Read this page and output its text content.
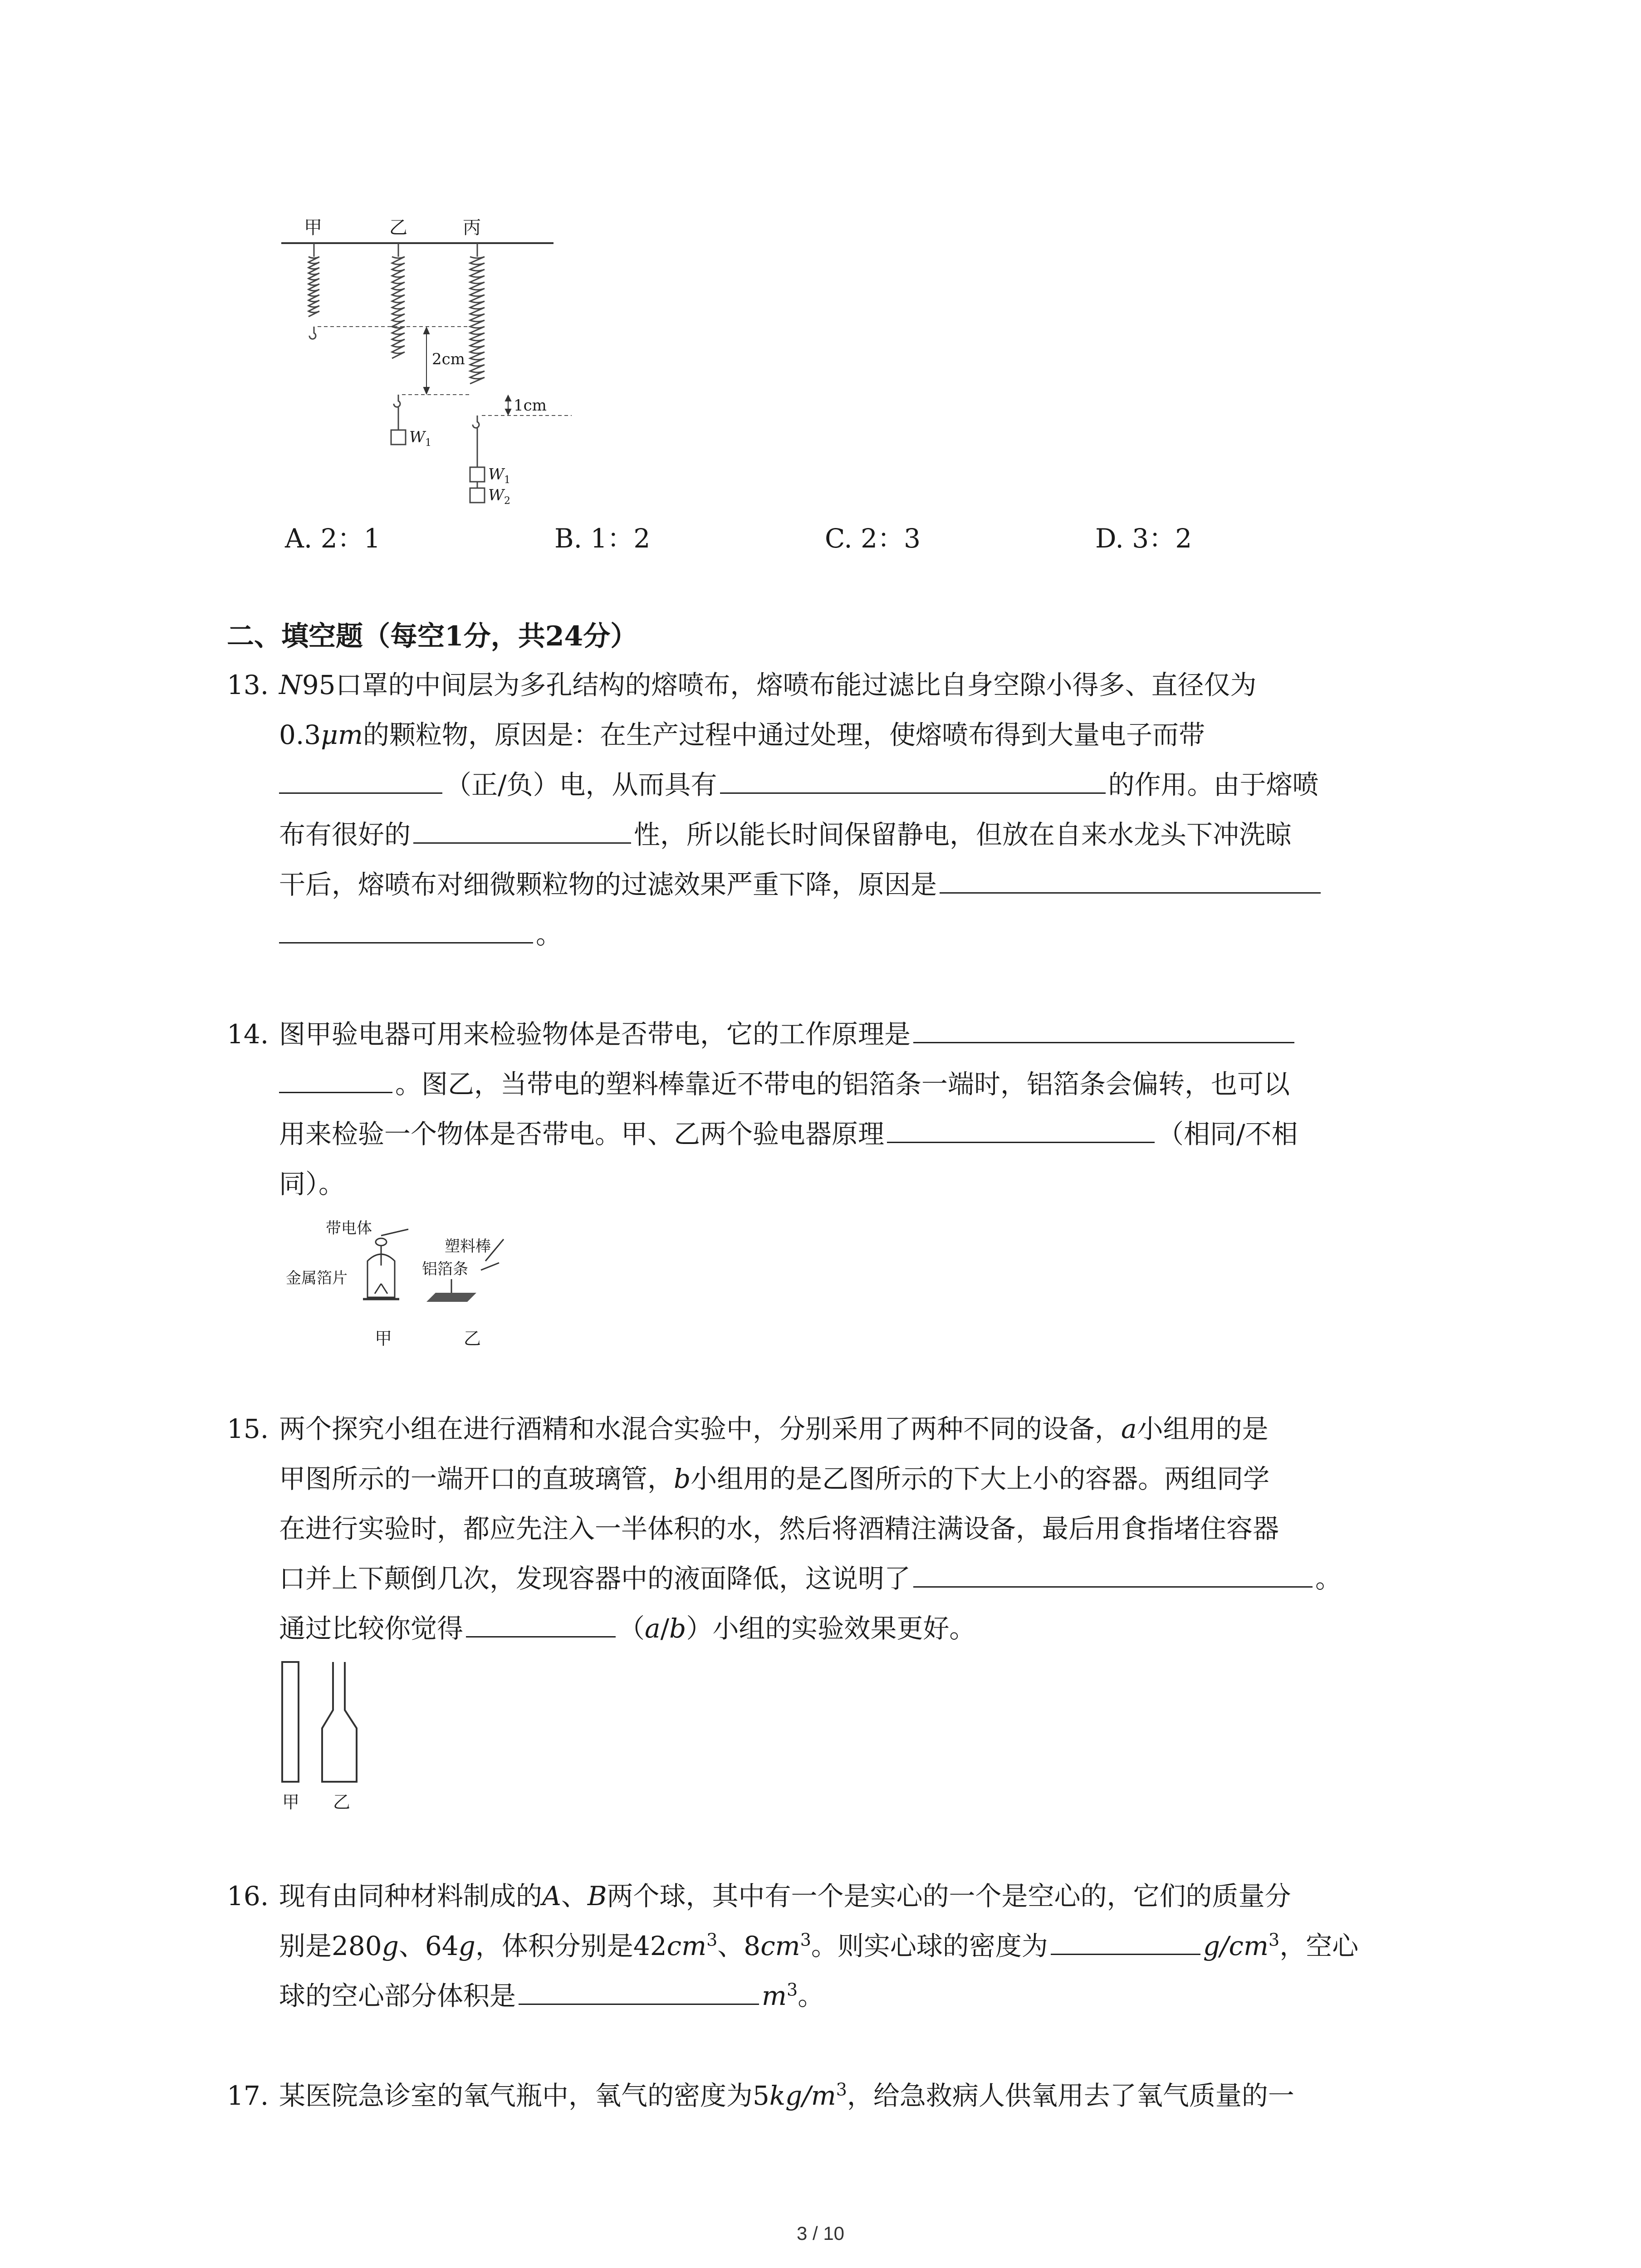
甲	乙	丙
2cm
1cm
$W_1$
$W_1$
$W_2$
A. 2：1	B. 1：2	C. 2：3	D. 3：2
二、填空题（每空1分，共24分）
13. N95口罩的中间层为多孔结构的熔喷布，熔喷布能过滤比自身空隙小得多、直径仅为
0.3μm的颗粒物，原因是：在生产过程中通过处理，使熔喷布得到大量电子而带
（正/负）电，从而具有	的作用。由于熔喷
布有很好的	性，所以能长时间保留静电，但放在自来水龙头下冲洗晾
干后，熔喷布对细微颗粒物的过滤效果严重下降，原因是
。
14. 图甲验电器可用来检验物体是否带电，它的工作原理是
。图乙，当带电的塑料棒靠近不带电的铝箔条一端时，铝箔条会偏转，也可以
用来检验一个物体是否带电。甲、乙两个验电器原理	（相同/不相
同）。
带电体
金属箔片
塑料棒
铝箔条
甲	乙
15. 两个探究小组在进行酒精和水混合实验中，分别采用了两种不同的设备，a小组用的是
甲图所示的一端开口的直玻璃管，b小组用的是乙图所示的下大上小的容器。两组同学
在进行实验时，都应先注入一半体积的水，然后将酒精注满设备，最后用食指堵住容器
口并上下颠倒几次，发现容器中的液面降低，这说明了	。
通过比较你觉得	（a/b）小组的实验效果更好。
甲 乙
16. 现有由同种材料制成的A、B两个球，其中有一个是实心的一个是空心的，它们的质量分
别是280g、64g，体积分别是$42cm^3$、$8cm^3$。则实心球的密度为	$g/cm^3$，空心
球的空心部分体积是	$m^3$。
17. 某医院急诊室的氧气瓶中，氧气的密度为$5kg/m^3$，给急救病人供氧用去了氧气质量的一
3 / 10
